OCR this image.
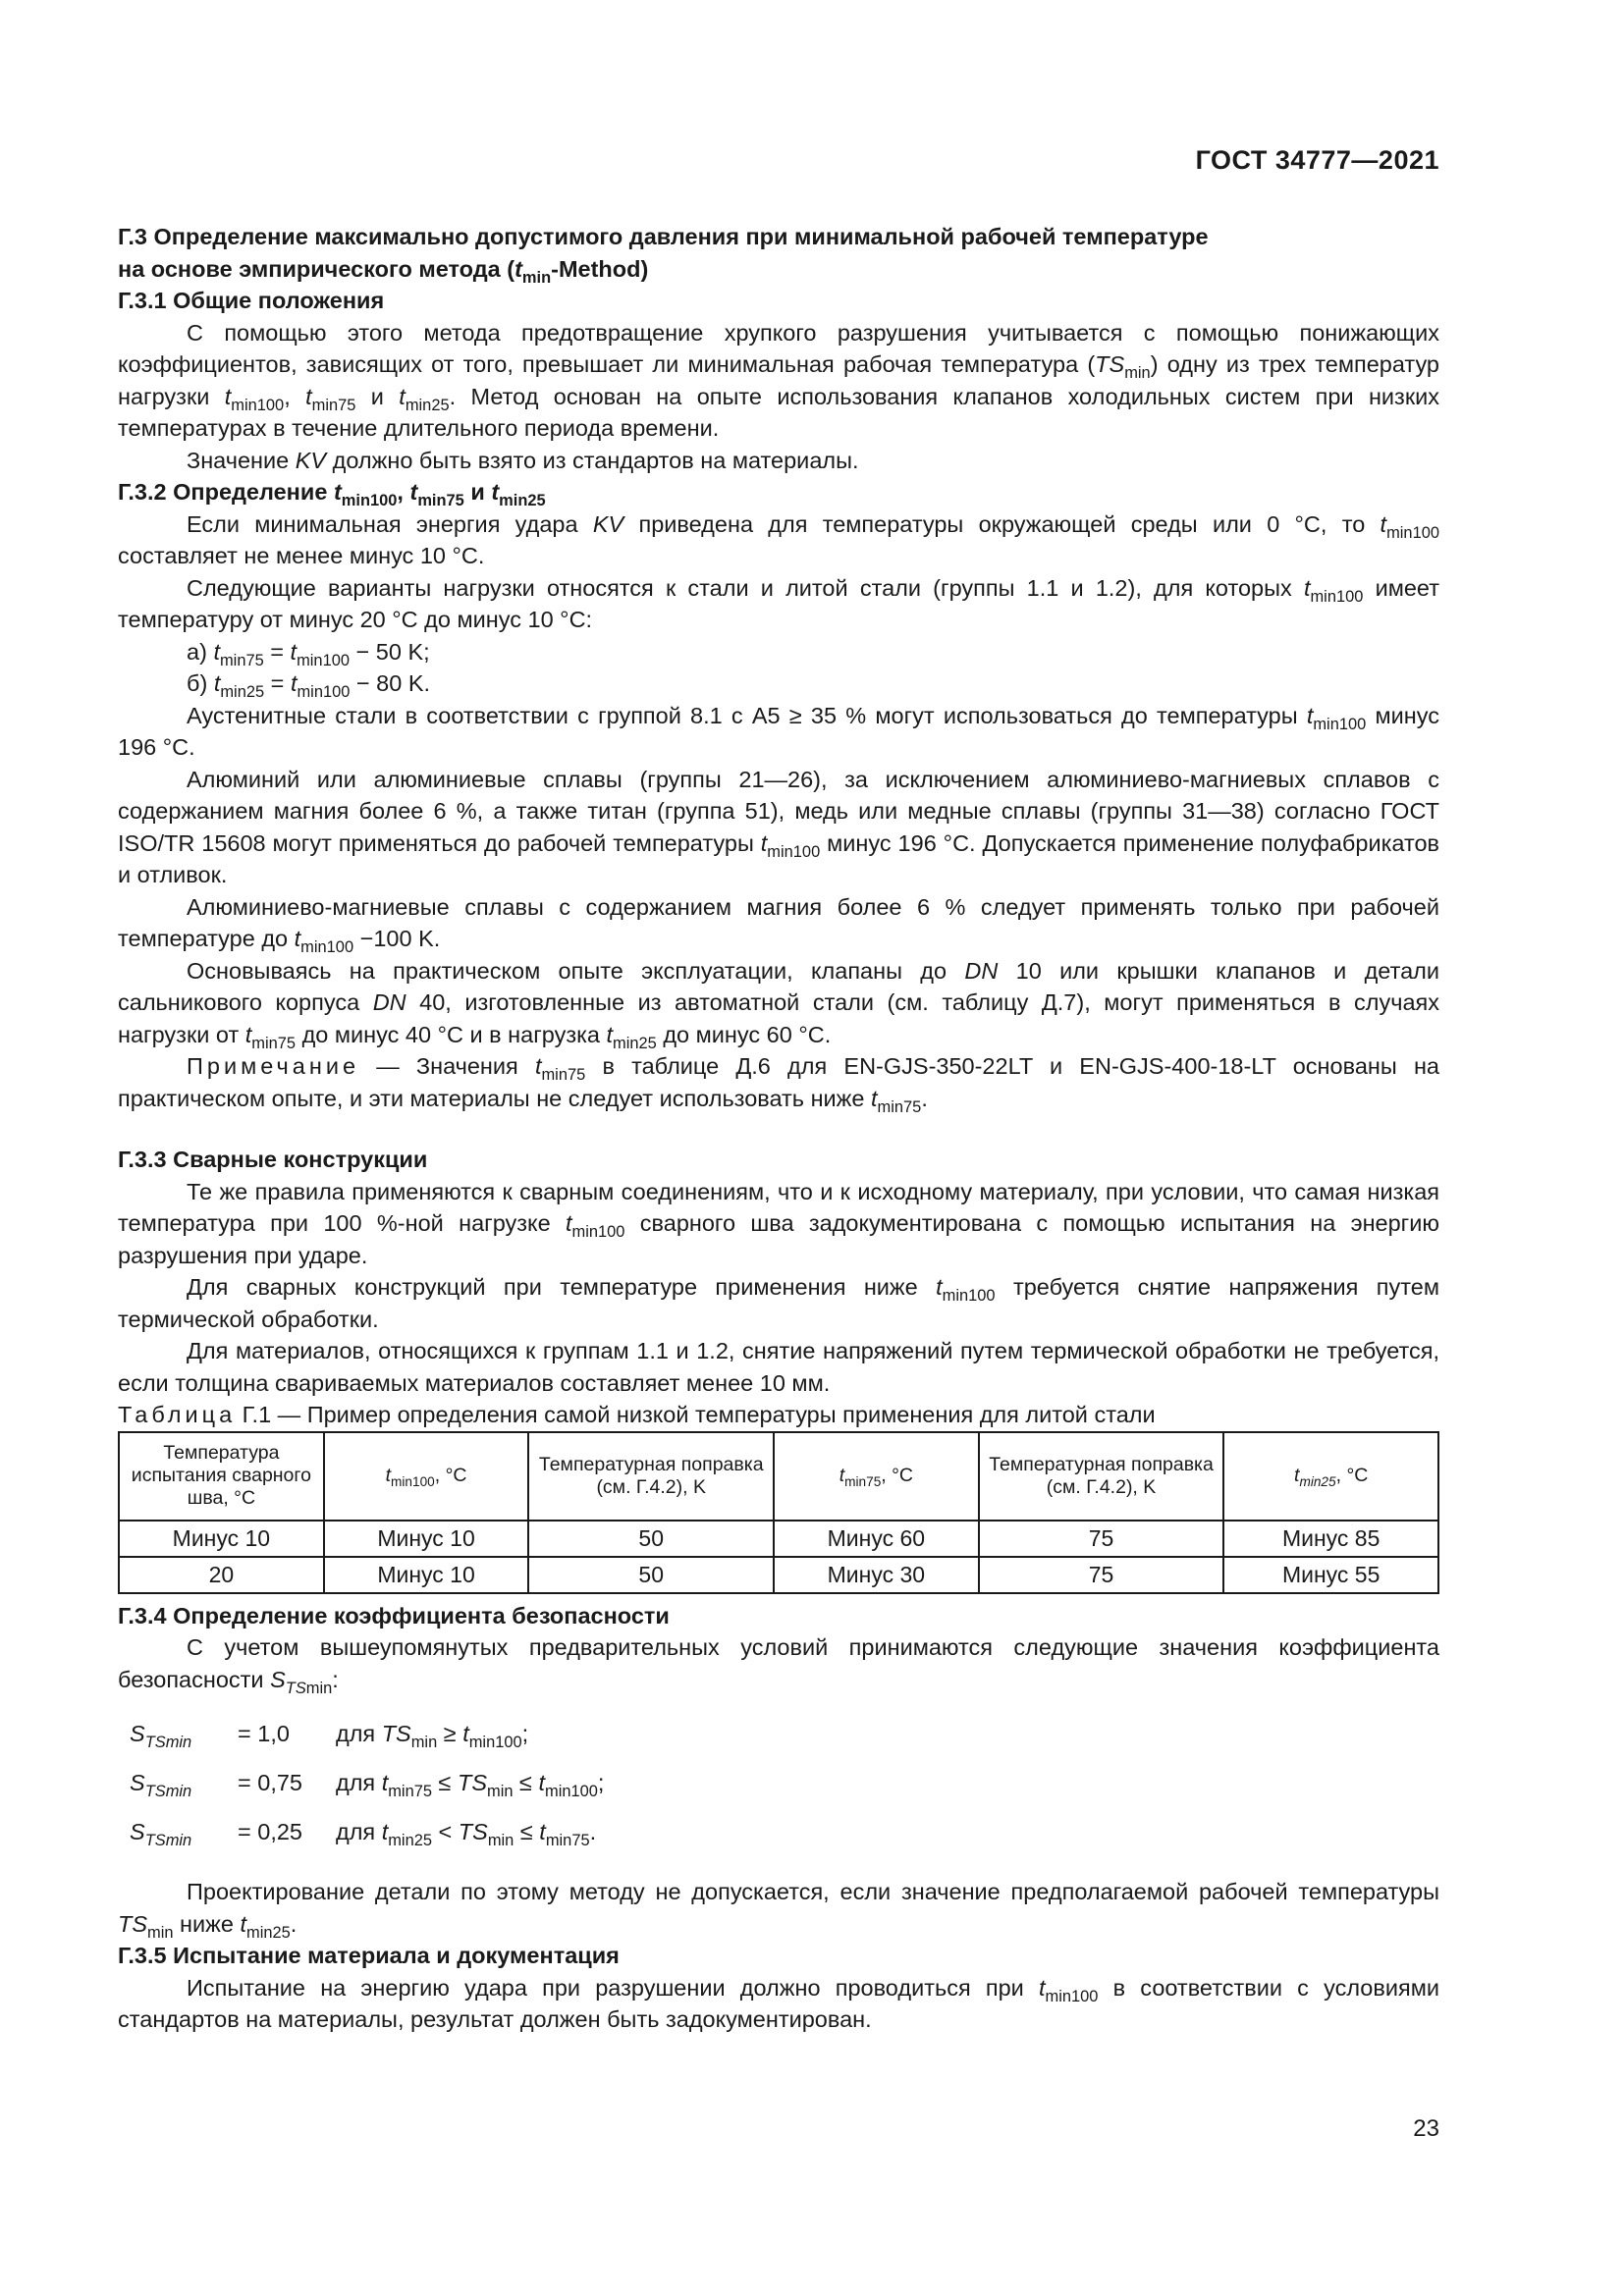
ГОСТ 34777—2021

Г.3 Определение максимально допустимого давления при минимальной рабочей температуре
на основе эмпирического метода $(t_{min}-Method)$

Г.3.1 Общие положения

С помощью этого метода предотвращение хрупкого разрушения учитывается с помощью понижающих коэффициентов, зависящих от того, превышает ли минимальная рабочая температура $(TS_{min})$ одну из трех температур нагрузки $t_{min100}$, $t_{min75}$ и $t_{min25}$. Метод основан на опыте использования клапанов холодильных систем при низких температурах в течение длительного периода времени.

Значение KV должно быть взято из стандартов на материалы.

Г.3.2 Определение $t_{min100}$, $t_{min75}$ и $t_{min25}$

Если минимальная энергия удара KV приведена для температуры окружающей среды или 0 °С, то $t_{min100}$ составляет не менее минус 10 °С.

Следующие варианты нагрузки относятся к стали и литой стали (группы 1.1 и 1.2), для которых $t_{min100}$ имеет температуру от минус 20 °С до минус 10 °С:

а) $t_{min75} = t_{min100} - 50$ K;

б) $t_{min25} = t_{min100} - 80$ K.

Аустенитные стали в соответствии с группой 8.1 с A5 ≥ 35 % могут использоваться до температуры $t_{min100}$ минус 196 °С.

Алюминий или алюминиевые сплавы (группы 21—26), за исключением алюминиево-магниевых сплавов с содержанием магния более 6 %, а также титан (группа 51), медь или медные сплавы (группы 31—38) согласно ГОСТ ISO/TR 15608 могут применяться до рабочей температуры $t_{min100}$ минус 196 °С. Допускается применение полуфабрикатов и отливок.

Алюминиево-магниевые сплавы с содержанием магния более 6 % следует применять только при рабочей температуре до $t_{min100} -100$ K.

Основываясь на практическом опыте эксплуатации, клапаны до DN 10 или крышки клапанов и детали сальникового корпуса DN 40, изготовленные из автоматной стали (см. таблицу Д.7), могут применяться в случаях нагрузки от $t_{min75}$ до минус 40 °С и в нагрузка $t_{min25}$ до минус 60 °С.

Примечание — Значения $t_{min75}$ в таблице Д.6 для EN-GJS-350-22LT и EN-GJS-400-18-LT основаны на практическом опыте, и эти материалы не следует использовать ниже $t_{min75}$.

Г.3.3 Сварные конструкции

Те же правила применяются к сварным соединениям, что и к исходному материалу, при условии, что самая низкая температура при 100 %-ной нагрузке $t_{min100}$ сварного шва задокументирована с помощью испытания на энергию разрушения при ударе.

Для сварных конструкций при температуре применения ниже $t_{min100}$ требуется снятие напряжения путем термической обработки.

Для материалов, относящихся к группам 1.1 и 1.2, снятие напряжений путем термической обработки не требуется, если толщина свариваемых материалов составляет менее 10 мм.

Таблица Г.1 — Пример определения самой низкой температуры применения для литой стали

Температура испытания сварного шва, °С	$t_{min100}$, °С	Температурная поправка (см. Г.4.2), K	$t_{min75}$, °С	Температурная поправка (см. Г.4.2), K	$t_{min25}$, °С
Минус 10	Минус 10	50	Минус 60	75	Минус 85
20	Минус 10	50	Минус 30	75	Минус 55

Г.3.4 Определение коэффициента безопасности

С учетом вышеупомянутых предварительных условий принимаются следующие значения коэффициента безопасности $S_{TSmin}$:

$S_{TSmin}$	= 1,0	для $TS_{min} \ge t_{min100}$;
$S_{TSmin}$	= 0,75	для $t_{min75} \le TS_{min} \le t_{min100}$;
$S_{TSmin}$	= 0,25	для $t_{min25} < TS_{min} \le t_{min75}$.

Проектирование детали по этому методу не допускается, если значение предполагаемой рабочей температуры $TS_{min}$ ниже $t_{min25}$.

Г.3.5 Испытание материала и документация

Испытание на энергию удара при разрушении должно проводиться при $t_{min100}$ в соответствии с условиями стандартов на материалы, результат должен быть задокументирован.

23
